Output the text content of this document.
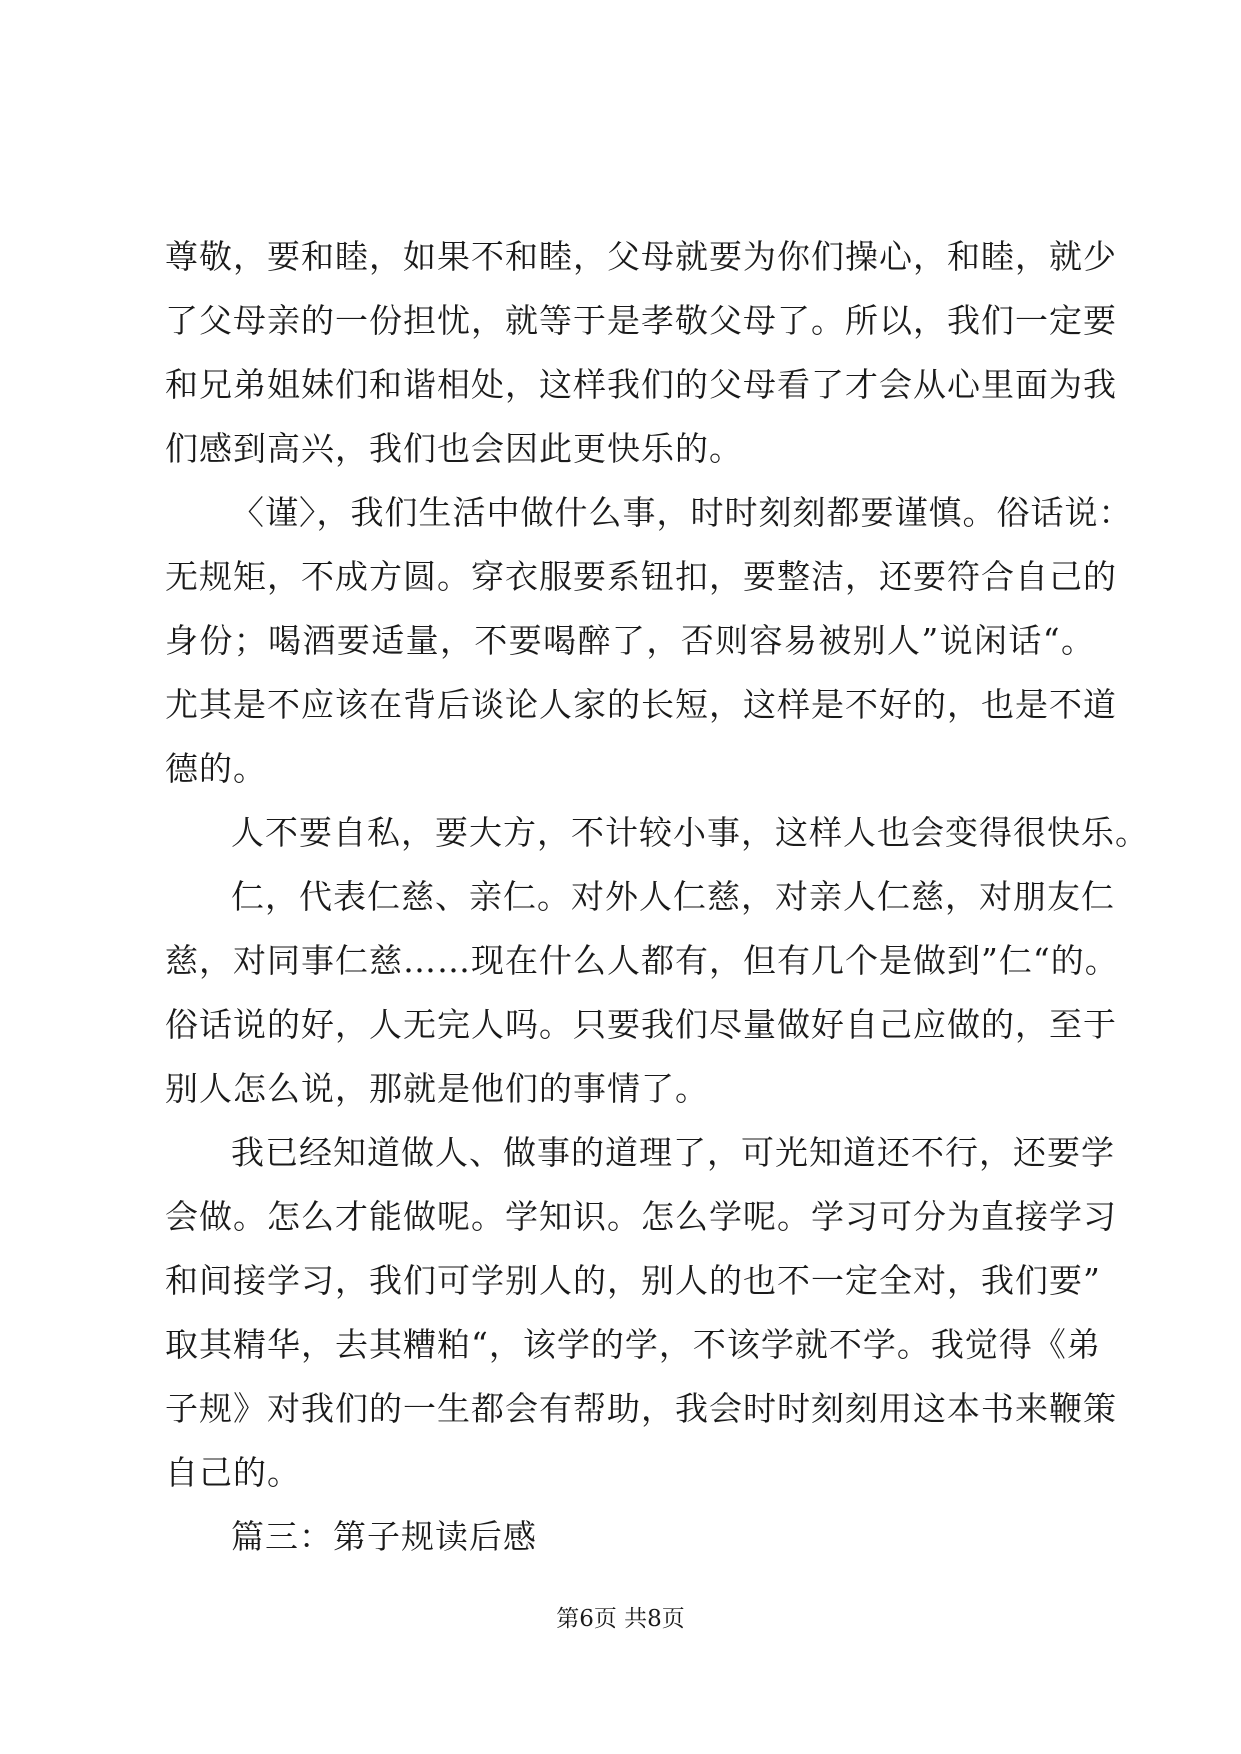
尊敬，要和睦，如果不和睦，父母就要为你们操心，和睦，就少
了父母亲的一份担忧，就等于是孝敬父母了。所以，我们一定要
和兄弟姐妹们和谐相处，这样我们的父母看了才会从心里面为我
们感到高兴，我们也会因此更快乐的。
〈谨〉，我们生活中做什么事，时时刻刻都要谨慎。俗话说：
无规矩，不成方圆。穿衣服要系钮扣，要整洁，还要符合自己的
身份；喝酒要适量，不要喝醉了，否则容易被别人”说闲话“。
尤其是不应该在背后谈论人家的长短，这样是不好的，也是不道
德的。
人不要自私，要大方，不计较小事，这样人也会变得很快乐。
仁，代表仁慈、亲仁。对外人仁慈，对亲人仁慈，对朋友仁
慈，对同事仁慈……现在什么人都有，但有几个是做到”仁“的。
俗话说的好，人无完人吗。只要我们尽量做好自己应做的，至于
别人怎么说，那就是他们的事情了。
我已经知道做人、做事的道理了，可光知道还不行，还要学
会做。怎么才能做呢。学知识。怎么学呢。学习可分为直接学习
和间接学习，我们可学别人的，别人的也不一定全对，我们要”
取其精华，去其糟粕“，该学的学，不该学就不学。我觉得《弟
子规》对我们的一生都会有帮助，我会时时刻刻用这本书来鞭策
自己的。
篇三：第子规读后感
第6页 共8页
